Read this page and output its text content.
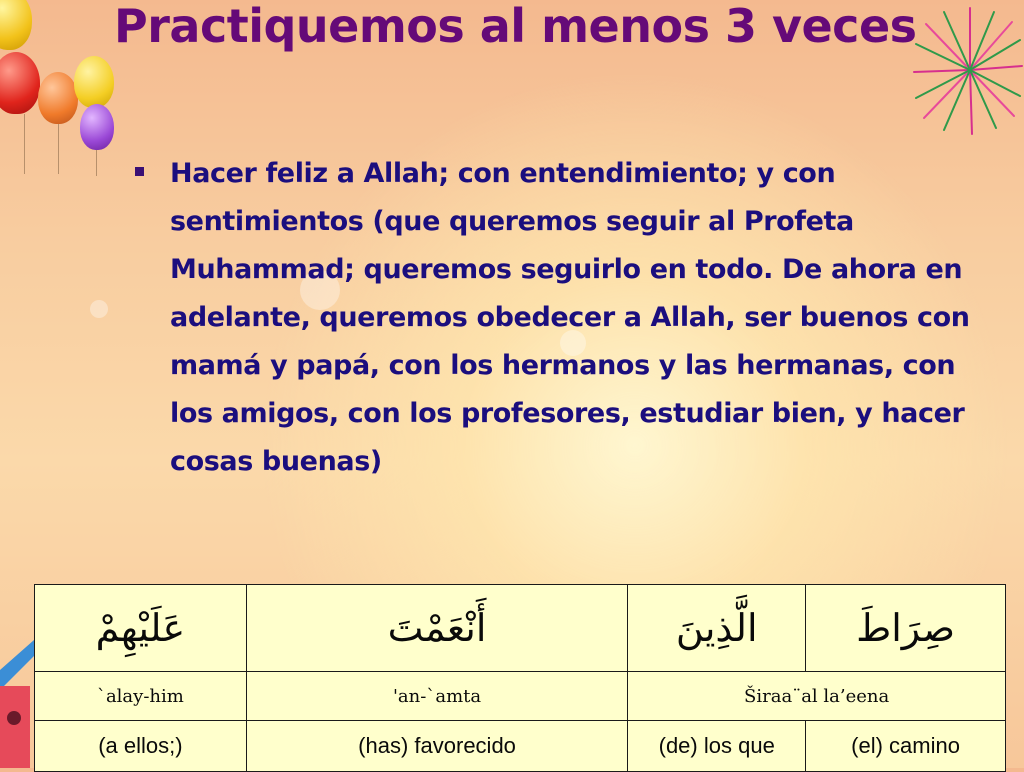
Practiquemos al menos 3 veces
Hacer feliz a Allah; con entendimiento; y con sentimientos (que queremos seguir al Profeta Muhammad; queremos seguirlo en todo. De ahora en adelante, queremos obedecer a Allah, ser buenos con mamá y papá, con los hermanos y las hermanas, con los amigos, con los profesores, estudiar bien, y hacer cosas buenas)
عَلَيْهِمْ	أَنْعَمْتَ	الَّذِينَ	صِرَاطَ
`alay-him	'an-`amta	Širaa¨al la’eena	
(a ellos;)	(has) favorecido	(de) los que	(el) camino
